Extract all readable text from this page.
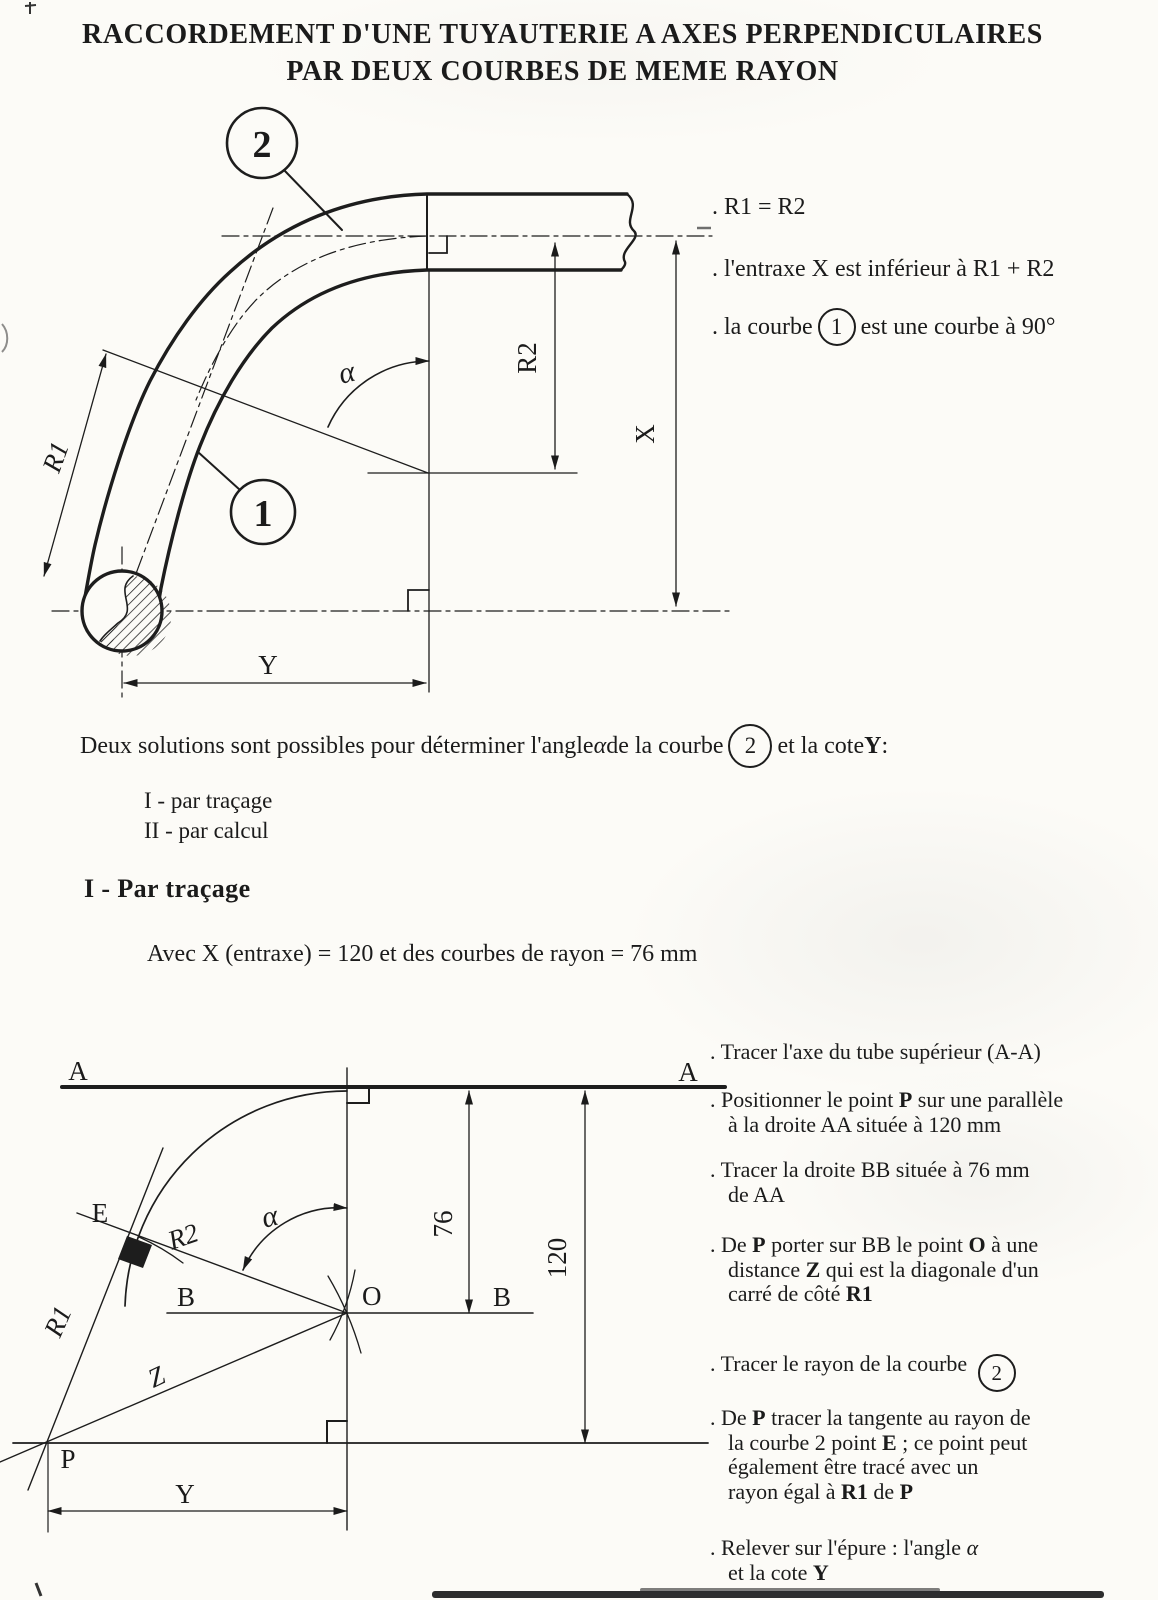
RACCORDEMENT D'UNE TUYAUTERIE A AXES PERPENDICULAIRES
PAR DEUX COURBES DE MEME RAYON
. R1 = R2
. l'entraxe X est inférieur à R1 + R2
. la courbe 1 est une courbe à 90°
Deux solutions sont possibles pour déterminer l'angle α de la courbe 2 et la cote Y :
I - par traçage
II - par calcul
I - Par traçage
Avec X (entraxe) = 120 et des courbes de rayon = 76 mm
. Tracer l'axe du tube supérieur (A-A)
. Positionner le point P sur une parallèle
à la droite AA située à 120 mm
. Tracer la droite BB située à 76 mm
de AA
. De P porter sur BB le point O à une
distance Z qui est la diagonale d'un
carré de côté R1
. Tracer le rayon de la courbe 2
. De P tracer la tangente au rayon de
la courbe 2 point E ; ce point peut
également être tracé avec un
rayon égal à R1 de P
. Relever sur l'épure : l'angle α
et la cote Y
2
1
R1
R2
X
Y
α
A	A
B	B
O
E
P
Z
R1
R2
α	76
120
Y
